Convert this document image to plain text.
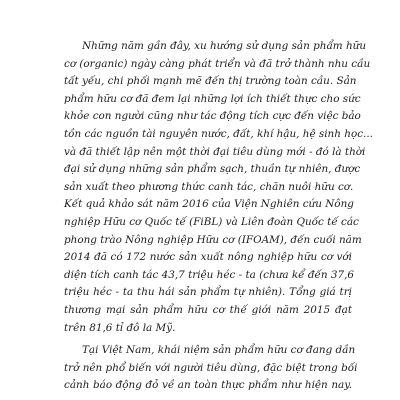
Những năm gần đây, xu hướng sử dụng sản phẩm hữu
cơ (organic) ngày càng phát triển và đã trở thành nhu cầu
tất yếu, chi phối mạnh mẽ đến thị trường toàn cầu. Sản
phẩm hữu cơ đã đem lại những lợi ích thiết thực cho sức
khỏe con người cũng như tác động tích cực đến việc bảo
tồn các nguồn tài nguyên nước, đất, khí hậu, hệ sinh học...
và đã thiết lập nên một thời đại tiêu dùng mới - đó là thời
đại sử dụng những sản phẩm sạch, thuần tự nhiên, được
sản xuất theo phương thức canh tác, chăn nuôi hữu cơ.
Kết quả khảo sát năm 2016 của Viện Nghiên cứu Nông
nghiệp Hữu cơ Quốc tế (FiBL) và Liên đoàn Quốc tế các
phong trào Nông nghiệp Hữu cơ (IFOAM), đến cuối năm
2014 đã có 172 nước sản xuất nông nghiệp hữu cơ với
diện tích canh tác 43,7 triệu héc - ta (chưa kể đến 37,6
triệu héc - ta thu hái sản phẩm tự nhiên). Tổng giá trị
thương mại sản phẩm hữu cơ thế giới năm 2015 đạt
trên 81,6 tỉ đô la Mỹ.
Tại Việt Nam, khái niệm sản phẩm hữu cơ đang dần
trở nên phổ biến với người tiêu dùng, đặc biệt trong bối
cảnh báo động đỏ về an toàn thực phẩm như hiện nay.
